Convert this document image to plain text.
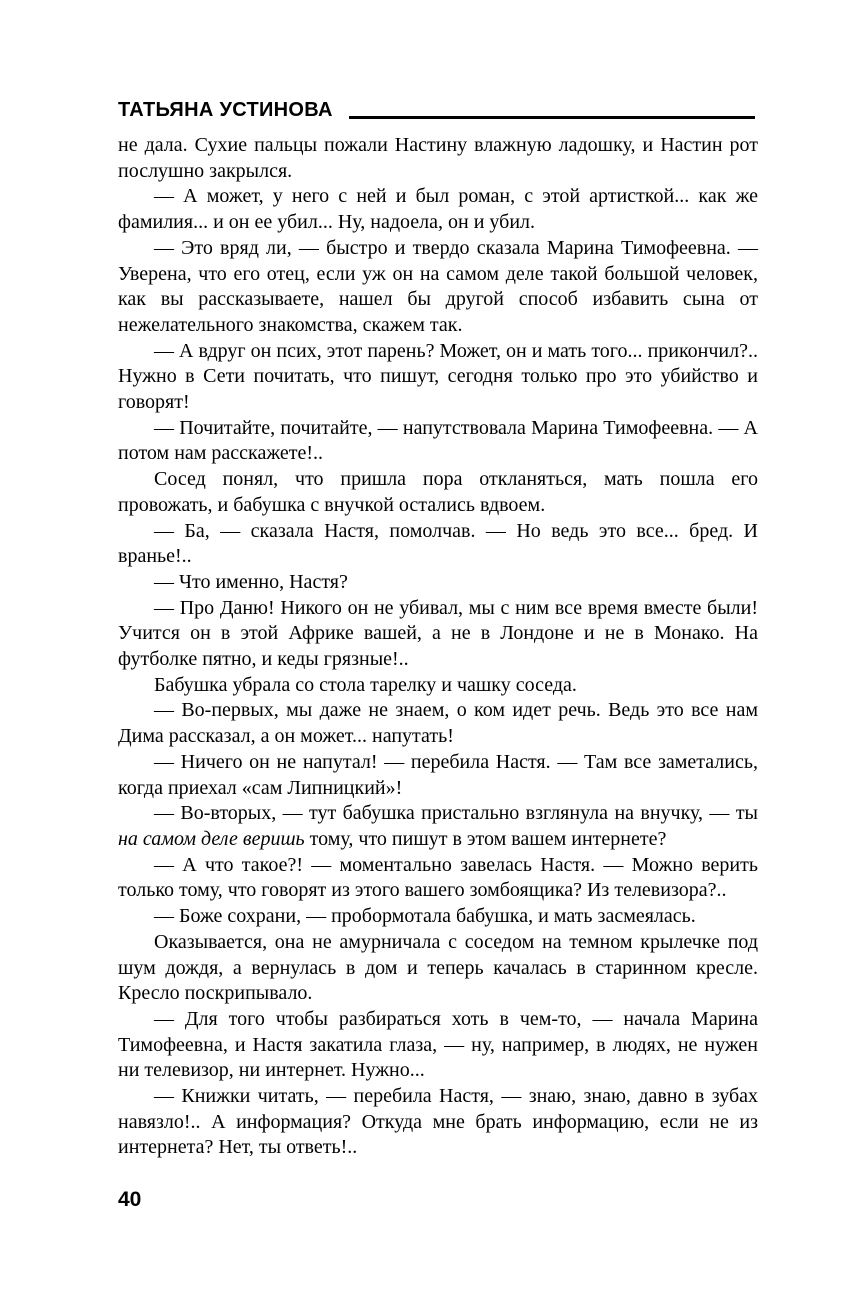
ТАТЬЯНА УСТИНОВА

не дала. Сухие пальцы пожали Настину влажную ладошку, и Настин рот послушно закрылся.

— А может, у него с ней и был роман, с этой артисткой... как же фамилия... и он ее убил... Ну, надоела, он и убил.

— Это вряд ли, — быстро и твердо сказала Марина Тимофеевна. — Уверена, что его отец, если уж он на самом деле такой большой человек, как вы рассказываете, нашел бы другой способ избавить сына от нежелательного знакомства, скажем так.

— А вдруг он псих, этот парень? Может, он и мать того... прикончил?.. Нужно в Сети почитать, что пишут, сегодня только про это убийство и говорят!

— Почитайте, почитайте, — напутствовала Марина Тимофеевна. — А потом нам расскажете!..

Сосед понял, что пришла пора откланяться, мать пошла его провожать, и бабушка с внучкой остались вдвоем.

— Ба, — сказала Настя, помолчав. — Но ведь это все... бред. И вранье!..

— Что именно, Настя?

— Про Даню! Никого он не убивал, мы с ним все время вместе были! Учится он в этой Африке вашей, а не в Лондоне и не в Монако. На футболке пятно, и кеды грязные!..

Бабушка убрала со стола тарелку и чашку соседа.

— Во-первых, мы даже не знаем, о ком идет речь. Ведь это все нам Дима рассказал, а он может... напутать!

— Ничего он не напутал! — перебила Настя. — Там все заметались, когда приехал «сам Липницкий»!

— Во-вторых, — тут бабушка пристально взглянула на внучку, — ты на самом деле веришь тому, что пишут в этом вашем интернете?

— А что такое?! — моментально завелась Настя. — Можно верить только тому, что говорят из этого вашего зомбоящика? Из телевизора?..

— Боже сохрани, — пробормотала бабушка, и мать засмеялась.

Оказывается, она не амурничала с соседом на темном крылечке под шум дождя, а вернулась в дом и теперь качалась в старинном кресле. Кресло поскрипывало.

— Для того чтобы разбираться хоть в чем-то, — начала Марина Тимофеевна, и Настя закатила глаза, — ну, например, в людях, не нужен ни телевизор, ни интернет. Нужно...

— Книжки читать, — перебила Настя, — знаю, знаю, давно в зубах навязло!.. А информация? Откуда мне брать информацию, если не из интернета? Нет, ты ответь!..

40
